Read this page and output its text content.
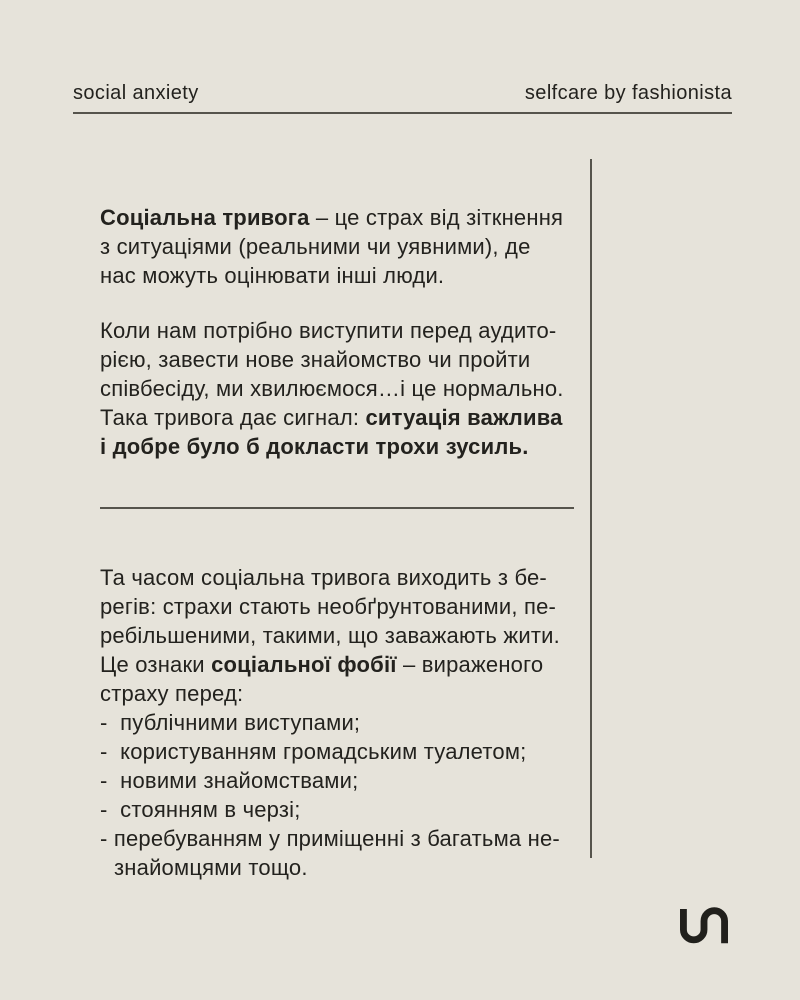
social anxiety	selfcare by fashionista
Соціальна тривога – це страх від зіткнення
з ситуаціями (реальними чи уявними), де
нас можуть оцінювати інші люди.
Коли нам потрібно виступити перед аудито-
рією, завести нове знайомство чи пройти
співбесіду, ми хвилюємося…і це нормально.
Така тривога дає сигнал: ситуація важлива
і добре було б докласти трохи зусиль.
Та часом соціальна тривога виходить з бе-
регів: страхи стають необґрунтованими, пе-
ребільшеними, такими, що заважають жити.
Це ознаки соціальної фобії – вираженого
страху перед:
-  публічними виступами;
-  користуванням громадським туалетом;
-  новими знайомствами;
-  стоянням в черзі;
- перебуванням у приміщенні з багатьма не-
знайомцями тощо.
